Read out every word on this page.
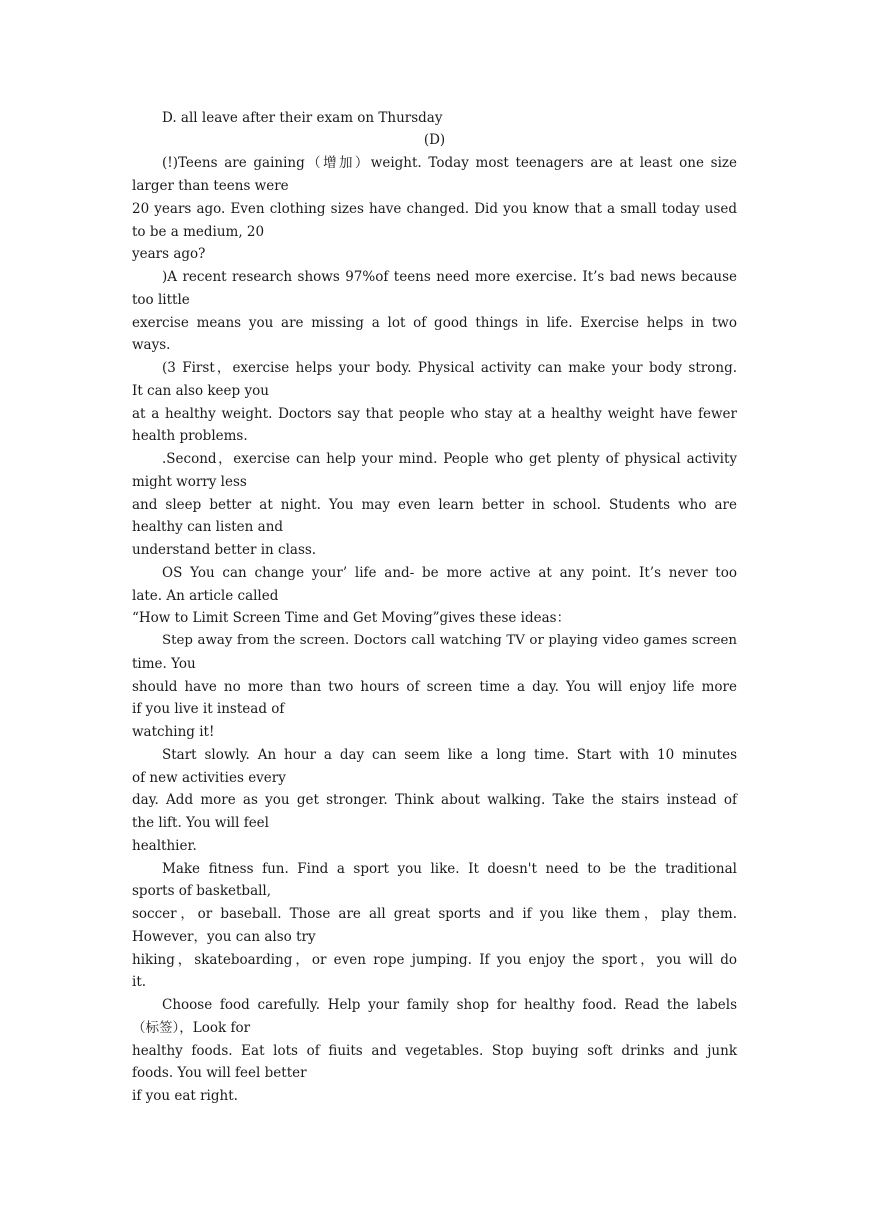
D. all leave after their exam on Thursday

(D)

(!)Teens are gaining（增加）weight. Today most teenagers are at least one size

larger than teens were

20 years ago. Even clothing sizes have changed. Did you know that a small today used

to be a medium, 20

years ago?

)A recent research shows 97%of teens need more exercise. It’s bad news because

too little

exercise means you are missing a lot of good things in life. Exercise helps in two

ways.

(3 First，exercise helps your body. Physical activity can make your body strong.

It can also keep you

at a healthy weight. Doctors say that people who stay at a healthy weight have fewer

health problems.

.Second，exercise can help your mind. People who get plenty of physical activity

might worry less

and sleep better at night. You may even learn better in school. Students who are

healthy can listen and

understand better in class.

OS You can change your’ life and- be more active at any point. It’s never too

late. An article called

“How to Limit Screen Time and Get Moving”gives these ideas：

Step away from the screen. Doctors call watching TV or playing video games screen

time. You

should have no more than two hours of screen time a day. You will enjoy life more

if you live it instead of

watching it!

Start slowly. An hour a day can seem like a long time. Start with 10 minutes

of new activities every

day. Add more as you get stronger. Think about walking. Take the stairs instead of

the lift. You will feel

healthier.

Make fitness fun. Find a sport you like. It doesn't need to be the traditional

sports of basketball,

soccer，or baseball. Those are all great sports and if you like them，play them.

However，you can also try

hiking，skateboarding，or even rope jumping. If you enjoy the sport，you will do

it.

Choose food carefully. Help your family shop for healthy food. Read the labels

（标签），Look for

healthy foods. Eat lots of fiuits and vegetables. Stop buying soft drinks and junk

foods. You will feel better

if you eat right.
